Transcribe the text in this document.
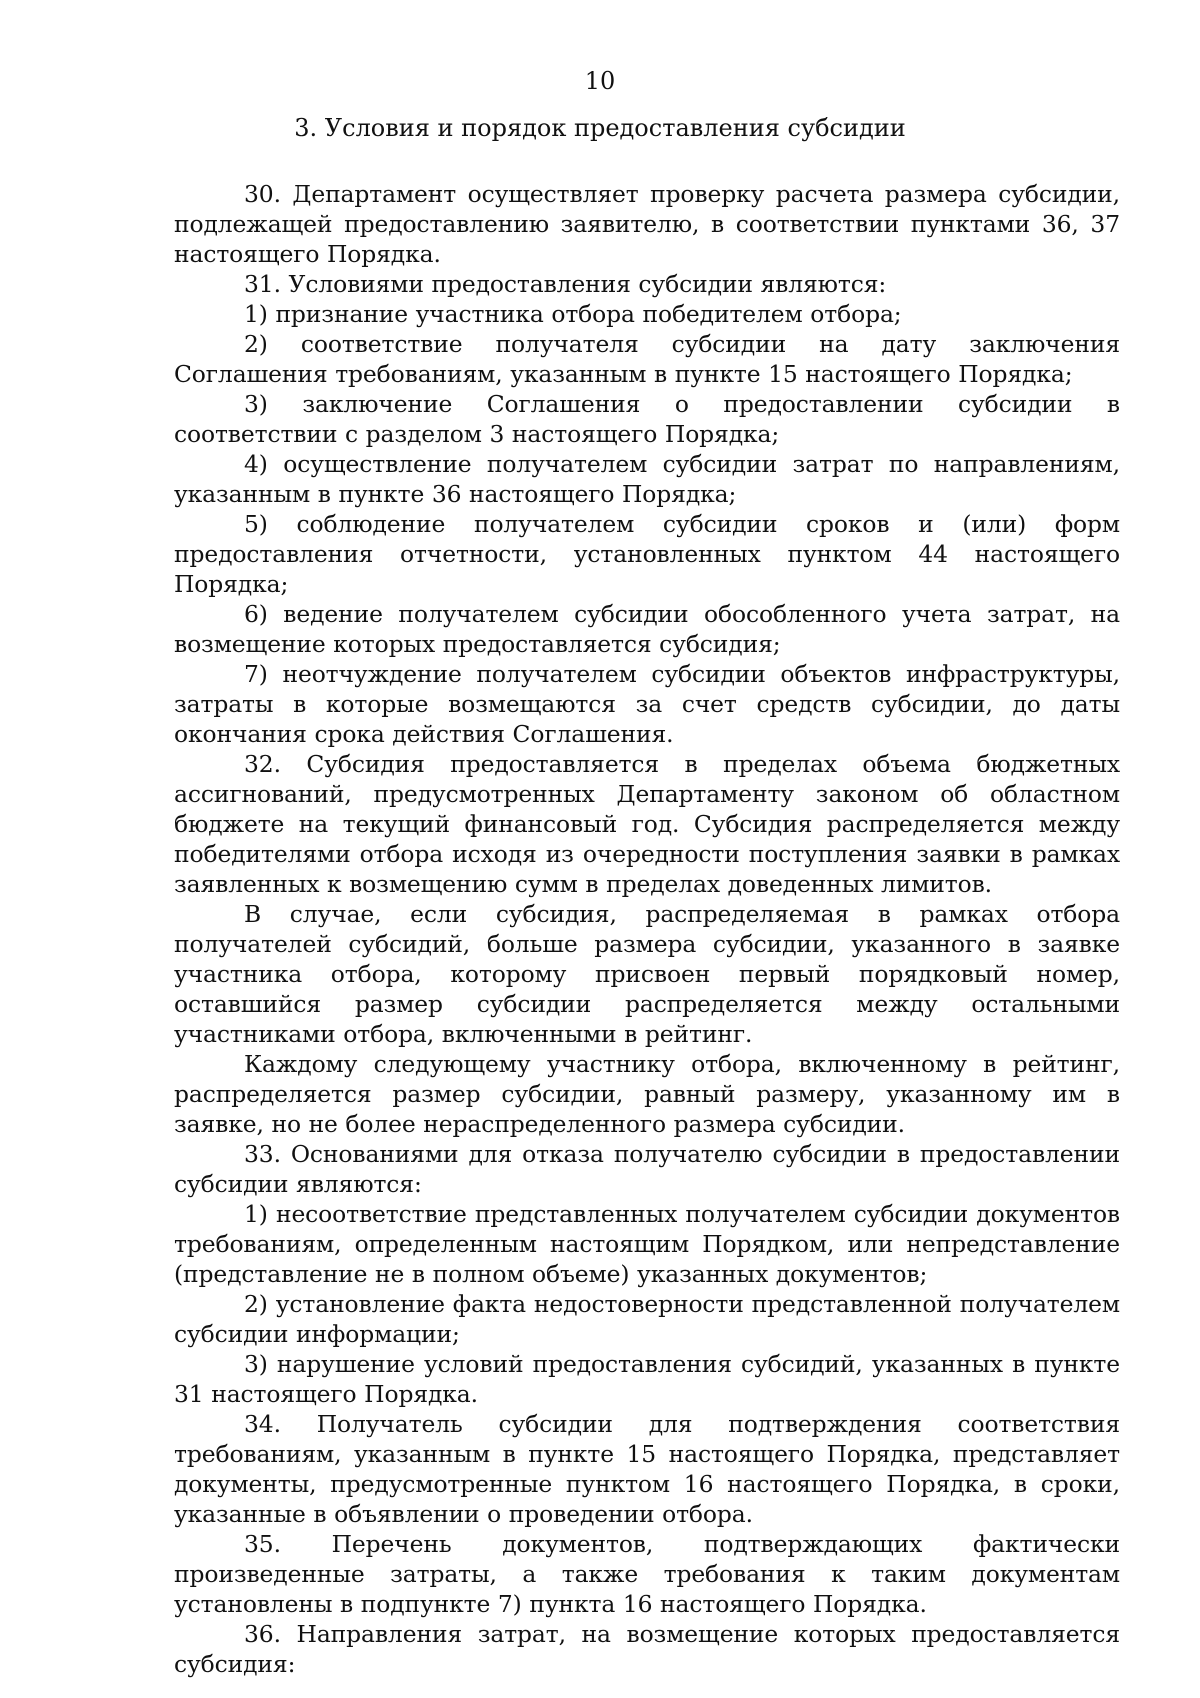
10
3. Условия и порядок предоставления субсидии

30. Департамент осуществляет проверку расчета размера субсидии, подлежащей предоставлению заявителю, в соответствии пунктами 36, 37 настоящего Порядка.

31. Условиями предоставления субсидии являются:

1) признание участника отбора победителем отбора;

2) соответствие получателя субсидии на дату заключения Соглашения требованиям, указанным в пункте 15 настоящего Порядка;

3) заключение Соглашения о предоставлении субсидии в соответствии с разделом 3 настоящего Порядка;

4) осуществление получателем субсидии затрат по направлениям, указанным в пункте 36 настоящего Порядка;

5) соблюдение получателем субсидии сроков и (или) форм предоставления отчетности, установленных пунктом 44 настоящего Порядка;

6) ведение получателем субсидии обособленного учета затрат, на возмещение которых предоставляется субсидия;

7) неотчуждение получателем субсидии объектов инфраструктуры, затраты в которые возмещаются за счет средств субсидии, до даты окончания срока действия Соглашения.

32. Субсидия предоставляется в пределах объема бюджетных ассигнований, предусмотренных Департаменту законом об областном бюджете на текущий финансовый год. Субсидия распределяется между победителями отбора исходя из очередности поступления заявки в рамках заявленных к возмещению сумм в пределах доведенных лимитов.

В случае, если субсидия, распределяемая в рамках отбора получателей субсидий, больше размера субсидии, указанного в заявке участника отбора, которому присвоен первый порядковый номер, оставшийся размер субсидии распределяется между остальными участниками отбора, включенными в рейтинг.

Каждому следующему участнику отбора, включенному в рейтинг, распределяется размер субсидии, равный размеру, указанному им в заявке, но не более нераспределенного размера субсидии.

33. Основаниями для отказа получателю субсидии в предоставлении субсидии являются:

1) несоответствие представленных получателем субсидии документов требованиям, определенным настоящим Порядком, или непредставление (представление не в полном объеме) указанных документов;

2) установление факта недостоверности представленной получателем субсидии информации;

3) нарушение условий предоставления субсидий, указанных в пункте 31 настоящего Порядка.

34. Получатель субсидии для подтверждения соответствия требованиям, указанным в пункте 15 настоящего Порядка, представляет документы, предусмотренные пунктом 16 настоящего Порядка, в сроки, указанные в объявлении о проведении отбора.

35. Перечень документов, подтверждающих фактически произведенные затраты, а также требования к таким документам установлены в подпункте 7) пункта 16 настоящего Порядка.

36. Направления затрат, на возмещение которых предоставляется субсидия:
